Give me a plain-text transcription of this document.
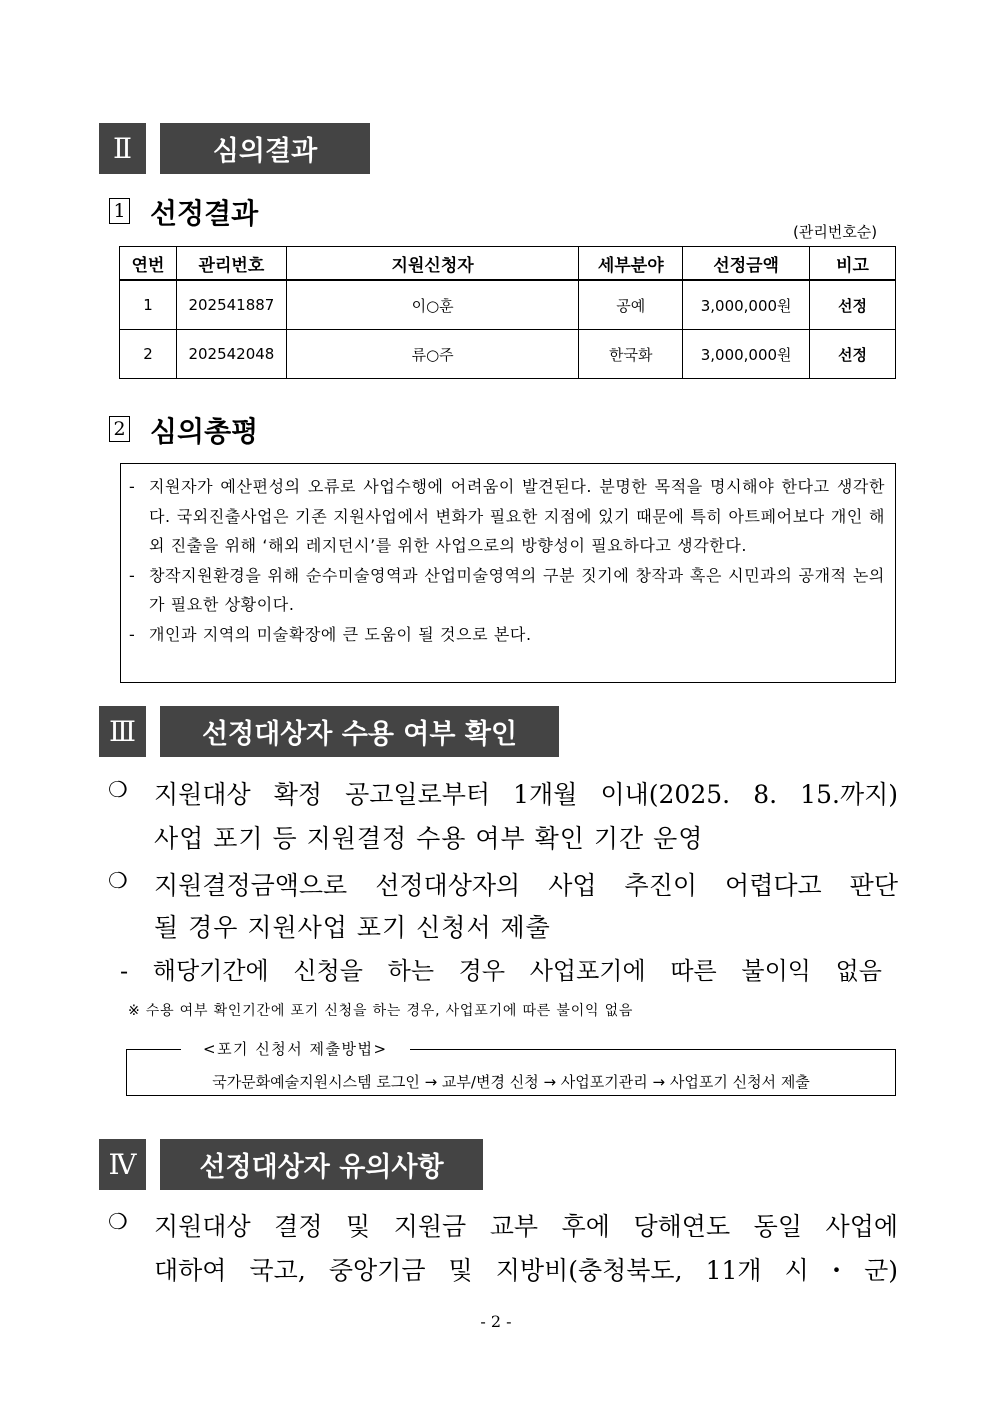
Ⅱ	심의결과
1 선정결과
(관리번호순)
연번	관리번호	지원신청자	세부분야	선정금액	비고
1	202541887	이○훈	공예	3,000,000원	선정
2	202542048	류○주	한국화	3,000,000원	선정
2 심의총평
- 지원자가 예산편성의 오류로 사업수행에 어려움이 발견된다. 분명한 목적을 명시해야 한다고 생각한다. 국외진출사업은 기존 지원사업에서 변화가 필요한 지점에 있기 때문에 특히 아트페어보다 개인 해외 진출을 위해 ‘해외 레지던시’를 위한 사업으로의 방향성이 필요하다고 생각한다.
- 창작지원환경을 위해 순수미술영역과 산업미술영역의 구분 짓기에 창작과 혹은 시민과의 공개적 논의가 필요한 상황이다.
- 개인과 지역의 미술확장에 큰 도움이 될 것으로 본다.
Ⅲ	선정대상자 수용 여부 확인
❍ 지원대상 확정 공고일로부터 1개월 이내(2025. 8. 15.까지)
사업 포기 등 지원결정 수용 여부 확인 기간 운영
❍ 지원결정금액으로 선정대상자의 사업 추진이 어렵다고 판단
될 경우 지원사업 포기 신청서 제출
- 해당기간에 신청을 하는 경우 사업포기에 따른 불이익 없음
※ 수용 여부 확인기간에 포기 신청을 하는 경우, 사업포기에 따른 불이익 없음
<포기 신청서 제출방법>
국가문화예술지원시스템 로그인 → 교부/변경 신청 → 사업포기관리 → 사업포기 신청서 제출
Ⅳ	선정대상자 유의사항
❍ 지원대상 결정 및 지원금 교부 후에 당해연도 동일 사업에
대하여 국고, 중앙기금 및 지방비(충청북도, 11개 시・군)
- 2 -
